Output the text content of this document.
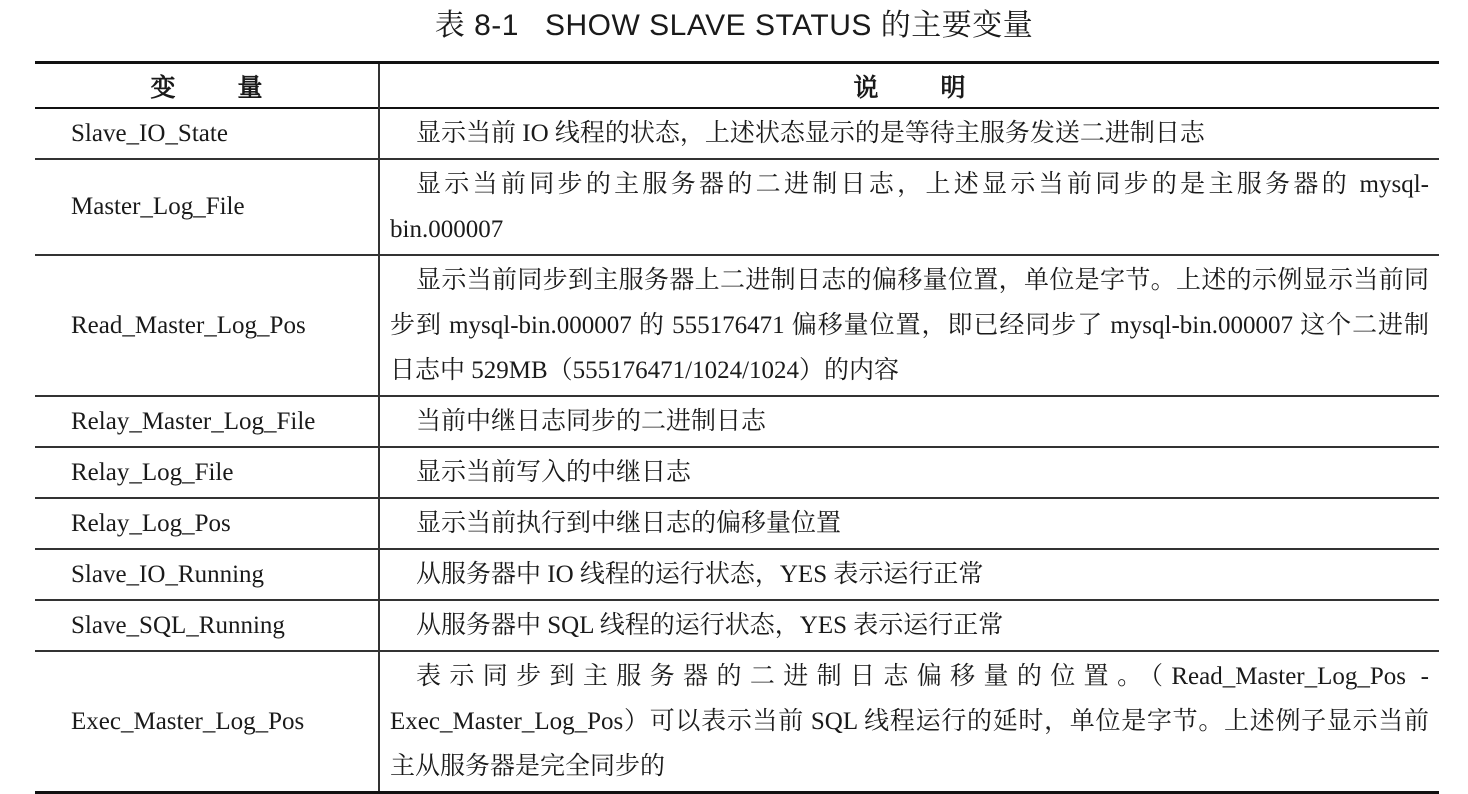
表 8-1 SHOW SLAVE STATUS 的主要变量
变量	说明
Slave_IO_State	显示当前 IO 线程的状态，上述状态显示的是等待主服务发送二进制日志
Master_Log_File	显示当前同步的主服务器的二进制日志，上述显示当前同步的是主服务器的 mysql-bin.000007
Read_Master_Log_Pos	显示当前同步到主服务器上二进制日志的偏移量位置，单位是字节。上述的示例显示当前同步到 mysql-bin.000007 的 555176471 偏移量位置，即已经同步了 mysql-bin.000007 这个二进制日志中 529MB（555176471/1024/1024）的内容
Relay_Master_Log_File	当前中继日志同步的二进制日志
Relay_Log_File	显示当前写入的中继日志
Relay_Log_Pos	显示当前执行到中继日志的偏移量位置
Slave_IO_Running	从服务器中 IO 线程的运行状态，YES 表示运行正常
Slave_SQL_Running	从服务器中 SQL 线程的运行状态，YES 表示运行正常
Exec_Master_Log_Pos	表示同步到主服务器的二进制日志偏移量的位置。（Read_Master_Log_Pos - Exec_Master_Log_Pos）可以表示当前 SQL 线程运行的延时，单位是字节。上述例子显示当前主从服务器是完全同步的
